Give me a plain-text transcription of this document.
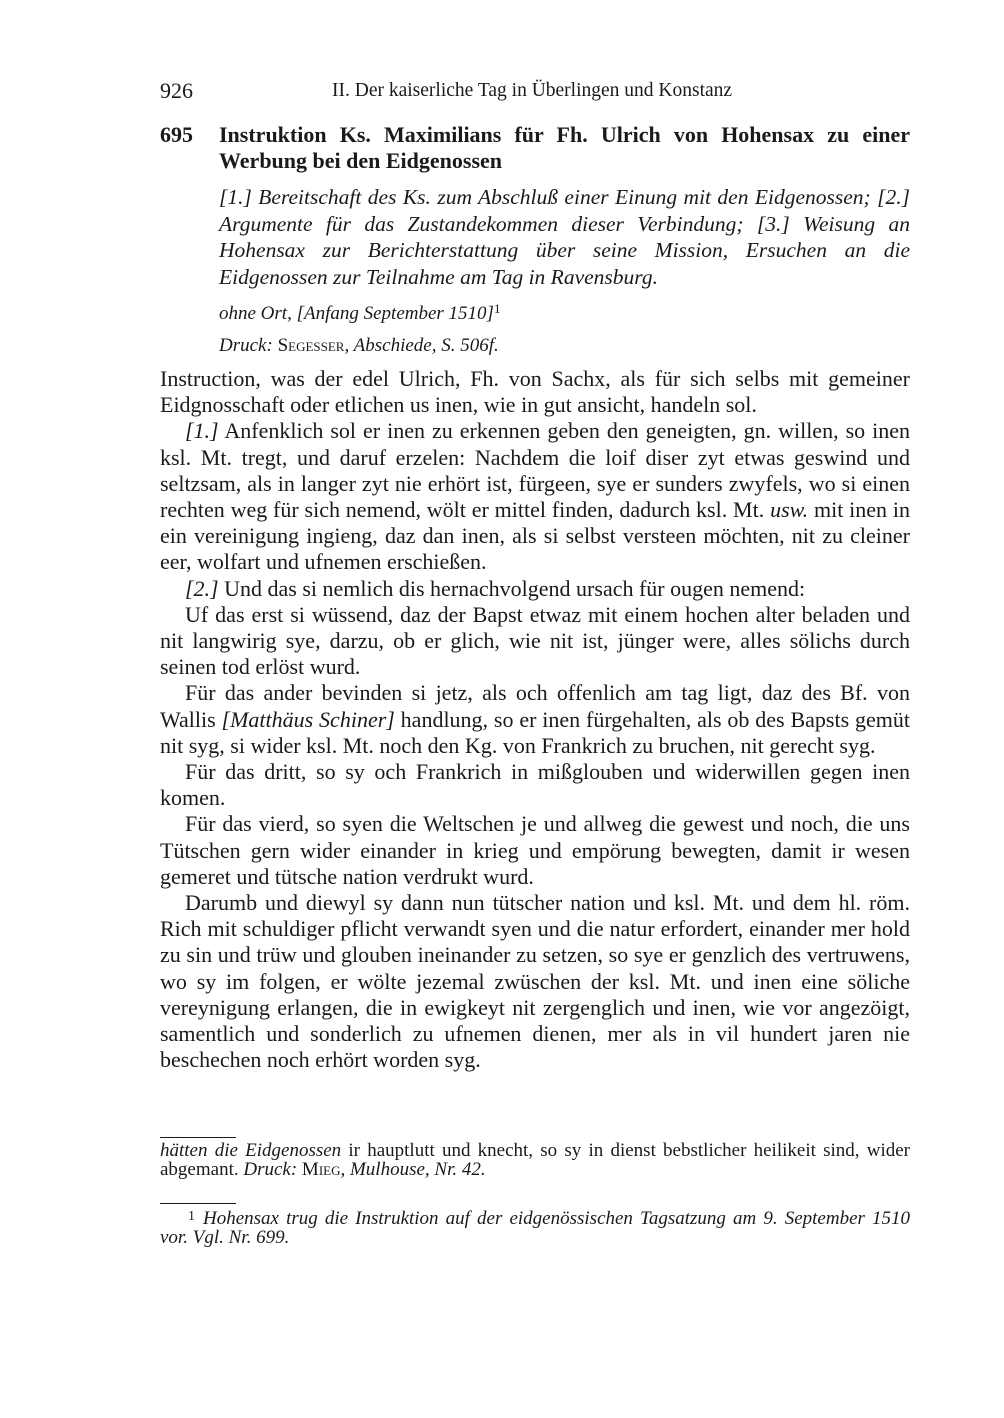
926	II. Der kaiserliche Tag in Überlingen und Konstanz
695 Instruktion Ks. Maximilians für Fh. Ulrich von Hohensax zu einer Werbung bei den Eidgenossen
[1.] Bereitschaft des Ks. zum Abschluß einer Einung mit den Eidgenossen; [2.] Argumente für das Zustandekommen dieser Verbindung; [3.] Weisung an Hohensax zur Berichterstattung über seine Mission, Ersuchen an die Eidgenossen zur Teilnahme am Tag in Ravensburg.
ohne Ort, [Anfang September 1510]$^1$
Druck: Segesser, Abschiede, S. 506f.

Instruction, was der edel Ulrich, Fh. von Sachx, als für sich selbs mit gemeiner Eidgnosschaft oder etlichen us inen, wie in gut ansicht, handeln sol.

[1.] Anfenklich sol er inen zu erkennen geben den geneigten, gn. willen, so inen ksl. Mt. tregt, und daruf erzelen: Nachdem die loif diser zyt etwas geswind und seltzsam, als in langer zyt nie erhört ist, fürgeen, sye er sunders zwyfels, wo si einen rechten weg für sich nemend, wölt er mittel finden, dadurch ksl. Mt. usw. mit inen in ein vereinigung ingieng, daz dan inen, als si selbst versteen möchten, nit zu cleiner eer, wolfart und ufnemen erschießen.

[2.] Und das si nemlich dis hernachvolgend ursach für ougen nemend:

Uf das erst si wüssend, daz der Bapst etwaz mit einem hochen alter beladen und nit langwirig sye, darzu, ob er glich, wie nit ist, jünger were, alles sölichs durch seinen tod erlöst wurd.

Für das ander bevinden si jetz, als och offenlich am tag ligt, daz des Bf. von Wallis [Matthäus Schiner] handlung, so er inen fürgehalten, als ob des Bapsts gemüt nit syg, si wider ksl. Mt. noch den Kg. von Frankrich zu bruchen, nit gerecht syg.

Für das dritt, so sy och Frankrich in mißglouben und widerwillen gegen inen komen.

Für das vierd, so syen die Weltschen je und allweg die gewest und noch, die uns Tütschen gern wider einander in krieg und empörung bewegten, damit ir wesen gemeret und tütsche nation verdrukt wurd.

Darumb und diewyl sy dann nun tütscher nation und ksl. Mt. und dem hl. röm. Rich mit schuldiger pflicht verwandt syen und die natur erfordert, einander mer hold zu sin und trüw und glouben ineinander zu setzen, so sye er genzlich des vertruwens, wo sy im folgen, er wölte jezemal zwüschen der ksl. Mt. und inen eine söliche vereynigung erlangen, die in ewigkeyt nit zergenglich und inen, wie vor angezöigt, samentlich und sonderlich zu ufnemen dienen, mer als in vil hundert jaren nie beschechen noch erhört worden syg.

hätten die Eidgenossen ir hauptlutt und knecht, so sy in dienst bebstlicher heilikeit sind, wider abgemant. Druck: Mieg, Mulhouse, Nr. 42.
$^1$ Hohensax trug die Instruktion auf der eidgenössischen Tagsatzung am 9. September 1510 vor. Vgl. Nr. 699.
